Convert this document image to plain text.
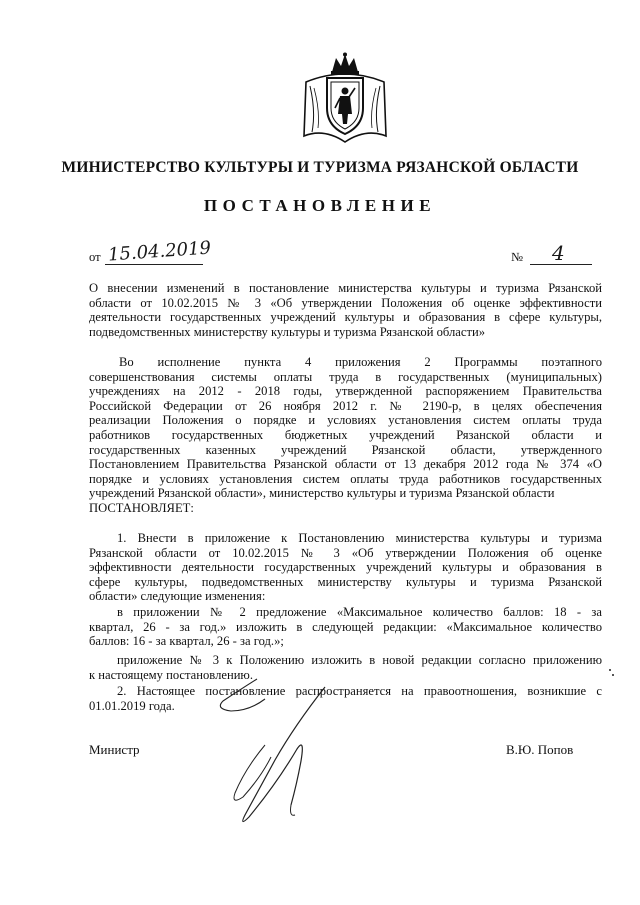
МИНИСТЕРСТВО КУЛЬТУРЫ И ТУРИЗМА РЯЗАНСКОЙ ОБЛАСТИ
ПОСТАНОВЛЕНИЕ
от 15.04.2019	№ 4
О внесении изменений в постановление министерства культуры и туризма Рязанской
области от 10.02.2015 № 3 «Об утверждении Положения об оценке эффективности
деятельности государственных учреждений культуры и образования в сфере культуры,
подведомственных министерству культуры и туризма Рязанской области»
Во исполнение пункта 4 приложения 2 Программы поэтапного
совершенствования системы оплаты труда в государственных (муниципальных)
учреждениях на 2012 - 2018 годы, утвержденной распоряжением Правительства
Российской Федерации от 26 ноября 2012 г. № 2190-р, в целях обеспечения
реализации Положения о порядке и условиях установления систем оплаты труда
работников государственных бюджетных учреждений Рязанской области и
государственных казенных учреждений Рязанской области, утвержденного
Постановлением Правительства Рязанской области от 13 декабря 2012 года № 374 «О
порядке и условиях установления систем оплаты труда работников государственных
учреждений Рязанской области», министерство культуры и туризма Рязанской области
ПОСТАНОВЛЯЕТ:
1. Внести в приложение к Постановлению министерства культуры и туризма
Рязанской области от 10.02.2015 № 3 «Об утверждении Положения об оценке
эффективности деятельности государственных учреждений культуры и образования в
сфере культуры, подведомственных министерству культуры и туризма Рязанской
области» следующие изменения:
в приложении № 2 предложение «Максимальное количество баллов: 18 - за
квартал, 26 - за год.» изложить в следующей редакции: «Максимальное количество
баллов: 16 - за квартал, 26 - за год.»;
приложение № 3 к Положению изложить в новой редакции согласно приложению
к настоящему постановлению.
2. Настоящее постановление распространяется на правоотношения, возникшие с
01.01.2019 года.
Министр	В.Ю. Попов
